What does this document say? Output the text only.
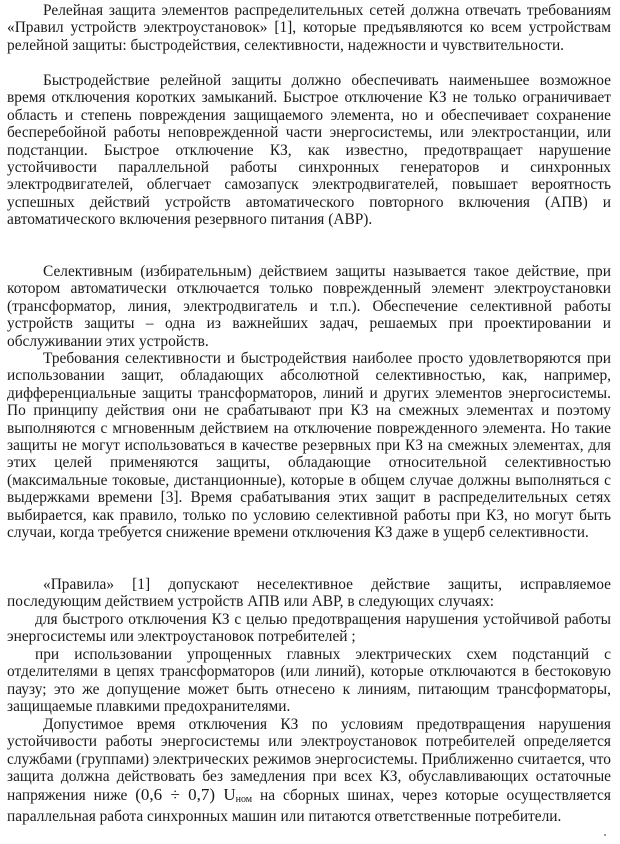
Релейная защита элементов распределительных сетей должна отвечать требованиям «Правил устройств электроустановок» [1], которые предъявляются ко всем устройствам релейной защиты: быстродействия, селективности, надежности и чувствительности.

Быстродействие релейной защиты должно обеспечивать наименьшее возможное время отключения коротких замыканий. Быстрое отключение КЗ не только ограничивает область и степень повреждения защищаемого элемента, но и обеспечивает сохранение бесперебойной работы неповрежденной части энергосистемы, или электростанции, или подстанции. Быстрое отключение КЗ, как известно, предотвращает нарушение устойчивости параллельной работы синхронных генераторов и синхронных электродвигателей, облегчает самозапуск электродвигателей, повышает вероятность успешных действий устройств автоматического повторного включения (АПВ) и автоматического включения резервного питания (АВР).

Селективным (избирательным) действием защиты называется такое действие, при котором автоматически отключается только поврежденный элемент электроустановки (трансформатор, линия, электродвигатель и т.п.). Обеспечение селективной работы устройств защиты – одна из важнейших задач, решаемых при проектировании и обслуживании этих устройств.

Требования селективности и быстродействия наиболее просто удовлетворяются при использовании защит, обладающих абсолютной селективностью, как, например, дифференциальные защиты трансформаторов, линий и других элементов энергосистемы. По принципу действия они не срабатывают при КЗ на смежных элементах и поэтому выполняются с мгновенным действием на отключение поврежденного элемента. Но такие защиты не могут использоваться в качестве резервных при КЗ на смежных элементах, для этих целей применяются защиты, обладающие относительной селективностью (максимальные токовые, дистанционные), которые в общем случае должны выполняться с выдержками времени [3]. Время срабатывания этих защит в распределительных сетях выбирается, как правило, только по условию селективной работы при КЗ, но могут быть случаи, когда требуется снижение времени отключения КЗ даже в ущерб селективности.

«Правила» [1] допускают неселективное действие защиты, исправляемое последующим действием устройств АПВ или АВР, в следующих случаях:

для быстрого отключения КЗ с целью предотвращения нарушения устойчивой работы энергосистемы или электроустановок потребителей ;

при использовании упрощенных главных электрических схем подстанций с отделителями в цепях трансформаторов (или линий), которые отключаются в бестоковую паузу; это же допущение может быть отнесено к линиям, питающим трансформаторы, защищаемые плавкими предохранителями.

Допустимое время отключения КЗ по условиям предотвращения нарушения устойчивости работы энергосистемы или электроустановок потребителей определяется службами (группами) электрических режимов энергосистемы. Приближенно считается, что защита должна действовать без замедления при всех КЗ, обуславливающих остаточные напряжения ниже (0,6 ÷ 0,7) $U_{ном}$ на сборных шинах, через которые осуществляется параллельная работа синхронных машин или питаются ответственные потребители.
